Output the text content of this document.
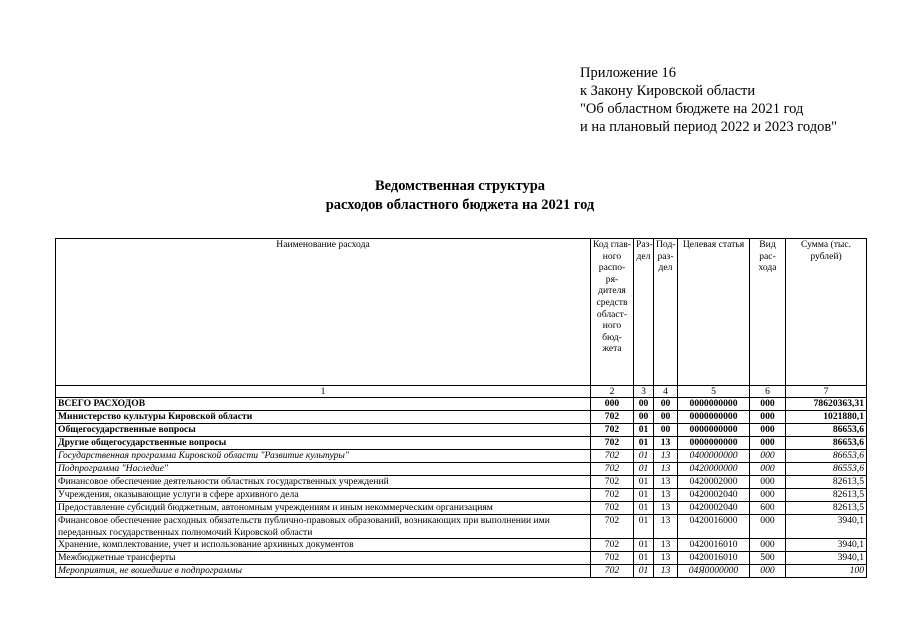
Приложение 16
к Закону Кировской области
"Об областном бюджете на 2021 год
и на плановый период 2022 и 2023 годов"
Ведомственная структура
расходов областного бюджета на 2021 год
Наименование расхода	Код глав-ного распо-ря-дителя средств област-ного бюд-жета	Раз-дел	Под-раз-дел	Целевая статья	Вид рас-хода	Сумма (тыс. рублей)
1	2	3	4	5	6	7
ВСЕГО РАСХОДОВ	000	00	00	0000000000	000	78620363,31
Министерство культуры Кировской области	702	00	00	0000000000	000	1021880,1
Общегосударственные вопросы	702	01	00	0000000000	000	86653,6
Другие общегосударственные вопросы	702	01	13	0000000000	000	86653,6
Государственная программа Кировской области "Развитие культуры"	702	01	13	0400000000	000	86653,6
Подпрограмма "Наследие"	702	01	13	0420000000	000	86553,6
Финансовое обеспечение деятельности областных государственных учреждений	702	01	13	0420002000	000	82613,5
Учреждения, оказывающие услуги в сфере архивного дела	702	01	13	0420002040	000	82613,5
Предоставление субсидий бюджетным, автономным учреждениям и иным некоммерческим организациям	702	01	13	0420002040	600	82613,5
Финансовое обеспечение расходных обязательств публично-правовых образований, возникающих при выполнении ими переданных государственных полномочий Кировской области	702	01	13	0420016000	000	3940,1
Хранение, комплектование, учет и использование архивных документов	702	01	13	0420016010	000	3940,1
Межбюджетные трансферты	702	01	13	0420016010	500	3940,1
Мероприятия, не вошедшие в подпрограммы	702	01	13	04Я0000000	000	100
